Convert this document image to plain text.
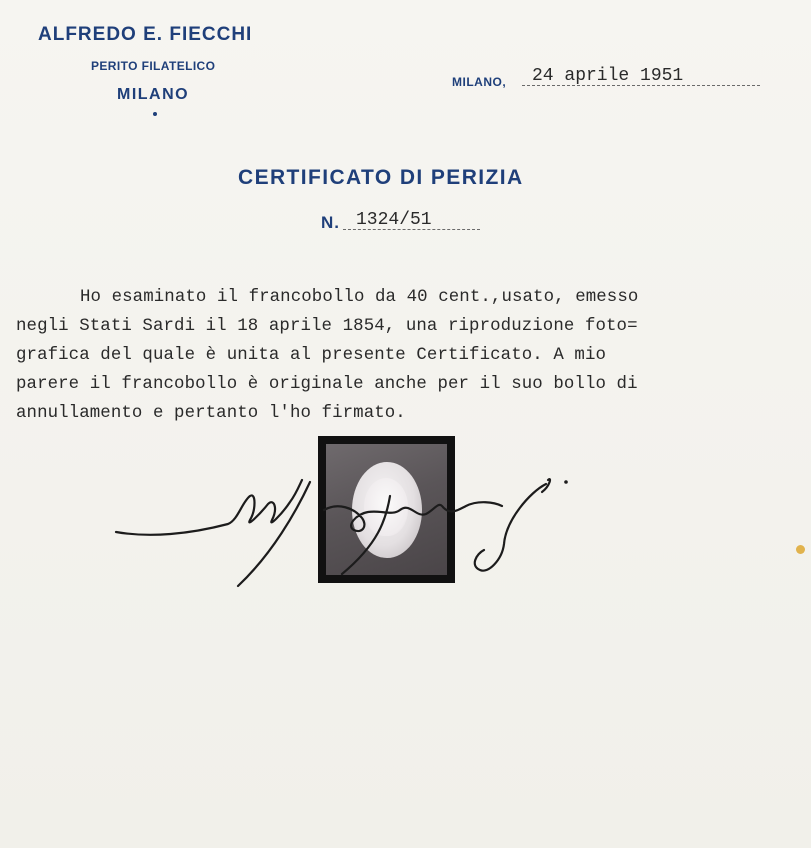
ALFREDO E. FIECCHI
PERITO FILATELICO
MILANO
MILANO, 24 aprile 1951
CERTIFICATO DI PERIZIA
N. 1324/51
Ho esaminato il francobollo da 40 cent.,usato, emesso
negli Stati Sardi il 18 aprile 1854, una riproduzione foto=
grafica del quale è unita al presente Certificato. A mio
parere il francobollo è originale anche per il suo bollo di
annullamento e pertanto l'ho firmato.
